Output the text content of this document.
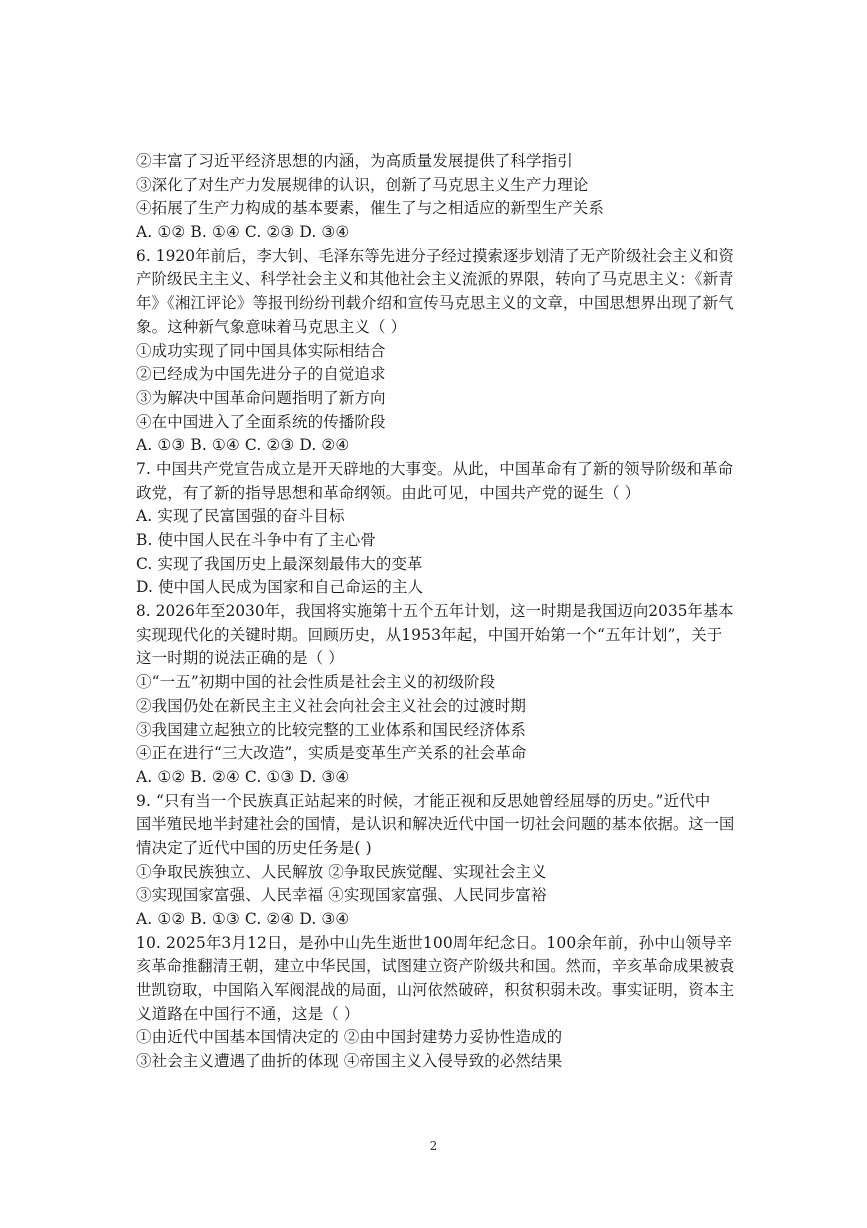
②丰富了习近平经济思想的内涵，为高质量发展提供了科学指引
③深化了对生产力发展规律的认识，创新了马克思主义生产力理论
④拓展了生产力构成的基本要素，催生了与之相适应的新型生产关系
A. ①② B. ①④ C. ②③ D. ③④
6. 1920年前后，李大钊、毛泽东等先进分子经过摸索逐步划清了无产阶级社会主义和资
产阶级民主主义、科学社会主义和其他社会主义流派的界限，转向了马克思主义：《新青
年》《湘江评论》等报刊纷纷刊载介绍和宣传马克思主义的文章，中国思想界出现了新气
象。这种新气象意味着马克思主义（ ）
①成功实现了同中国具体实际相结合
②已经成为中国先进分子的自觉追求
③为解决中国革命问题指明了新方向
④在中国进入了全面系统的传播阶段
A. ①③ B. ①④ C. ②③ D. ②④
7. 中国共产党宣告成立是开天辟地的大事变。从此，中国革命有了新的领导阶级和革命
政党，有了新的指导思想和革命纲领。由此可见，中国共产党的诞生（ ）
A. 实现了民富国强的奋斗目标
B. 使中国人民在斗争中有了主心骨
C. 实现了我国历史上最深刻最伟大的变革
D. 使中国人民成为国家和自己命运的主人
8. 2026年至2030年，我国将实施第十五个五年计划，这一时期是我国迈向2035年基本
实现现代化的关键时期。回顾历史，从1953年起，中国开始第一个“五年计划”，关于
这一时期的说法正确的是（ ）
①“一五”初期中国的社会性质是社会主义的初级阶段
②我国仍处在新民主主义社会向社会主义社会的过渡时期
③我国建立起独立的比较完整的工业体系和国民经济体系
④正在进行“三大改造”，实质是变革生产关系的社会革命
A. ①② B. ②④ C. ①③ D. ③④
9. “只有当一个民族真正站起来的时候，才能正视和反思她曾经屈辱的历史。”近代中
国半殖民地半封建社会的国情，是认识和解决近代中国一切社会问题的基本依据。这一国
情决定了近代中国的历史任务是( )
①争取民族独立、人民解放 ②争取民族觉醒、实现社会主义
③实现国家富强、人民幸福 ④实现国家富强、人民同步富裕
A. ①② B. ①③ C. ②④ D. ③④
10. 2025年3月12日，是孙中山先生逝世100周年纪念日。100余年前，孙中山领导辛
亥革命推翻清王朝，建立中华民国，试图建立资产阶级共和国。然而，辛亥革命成果被袁
世凯窃取，中国陷入军阀混战的局面，山河依然破碎，积贫积弱未改。事实证明，资本主
义道路在中国行不通，这是（ ）
①由近代中国基本国情决定的 ②由中国封建势力妥协性造成的
③社会主义遭遇了曲折的体现 ④帝国主义入侵导致的必然结果
2
